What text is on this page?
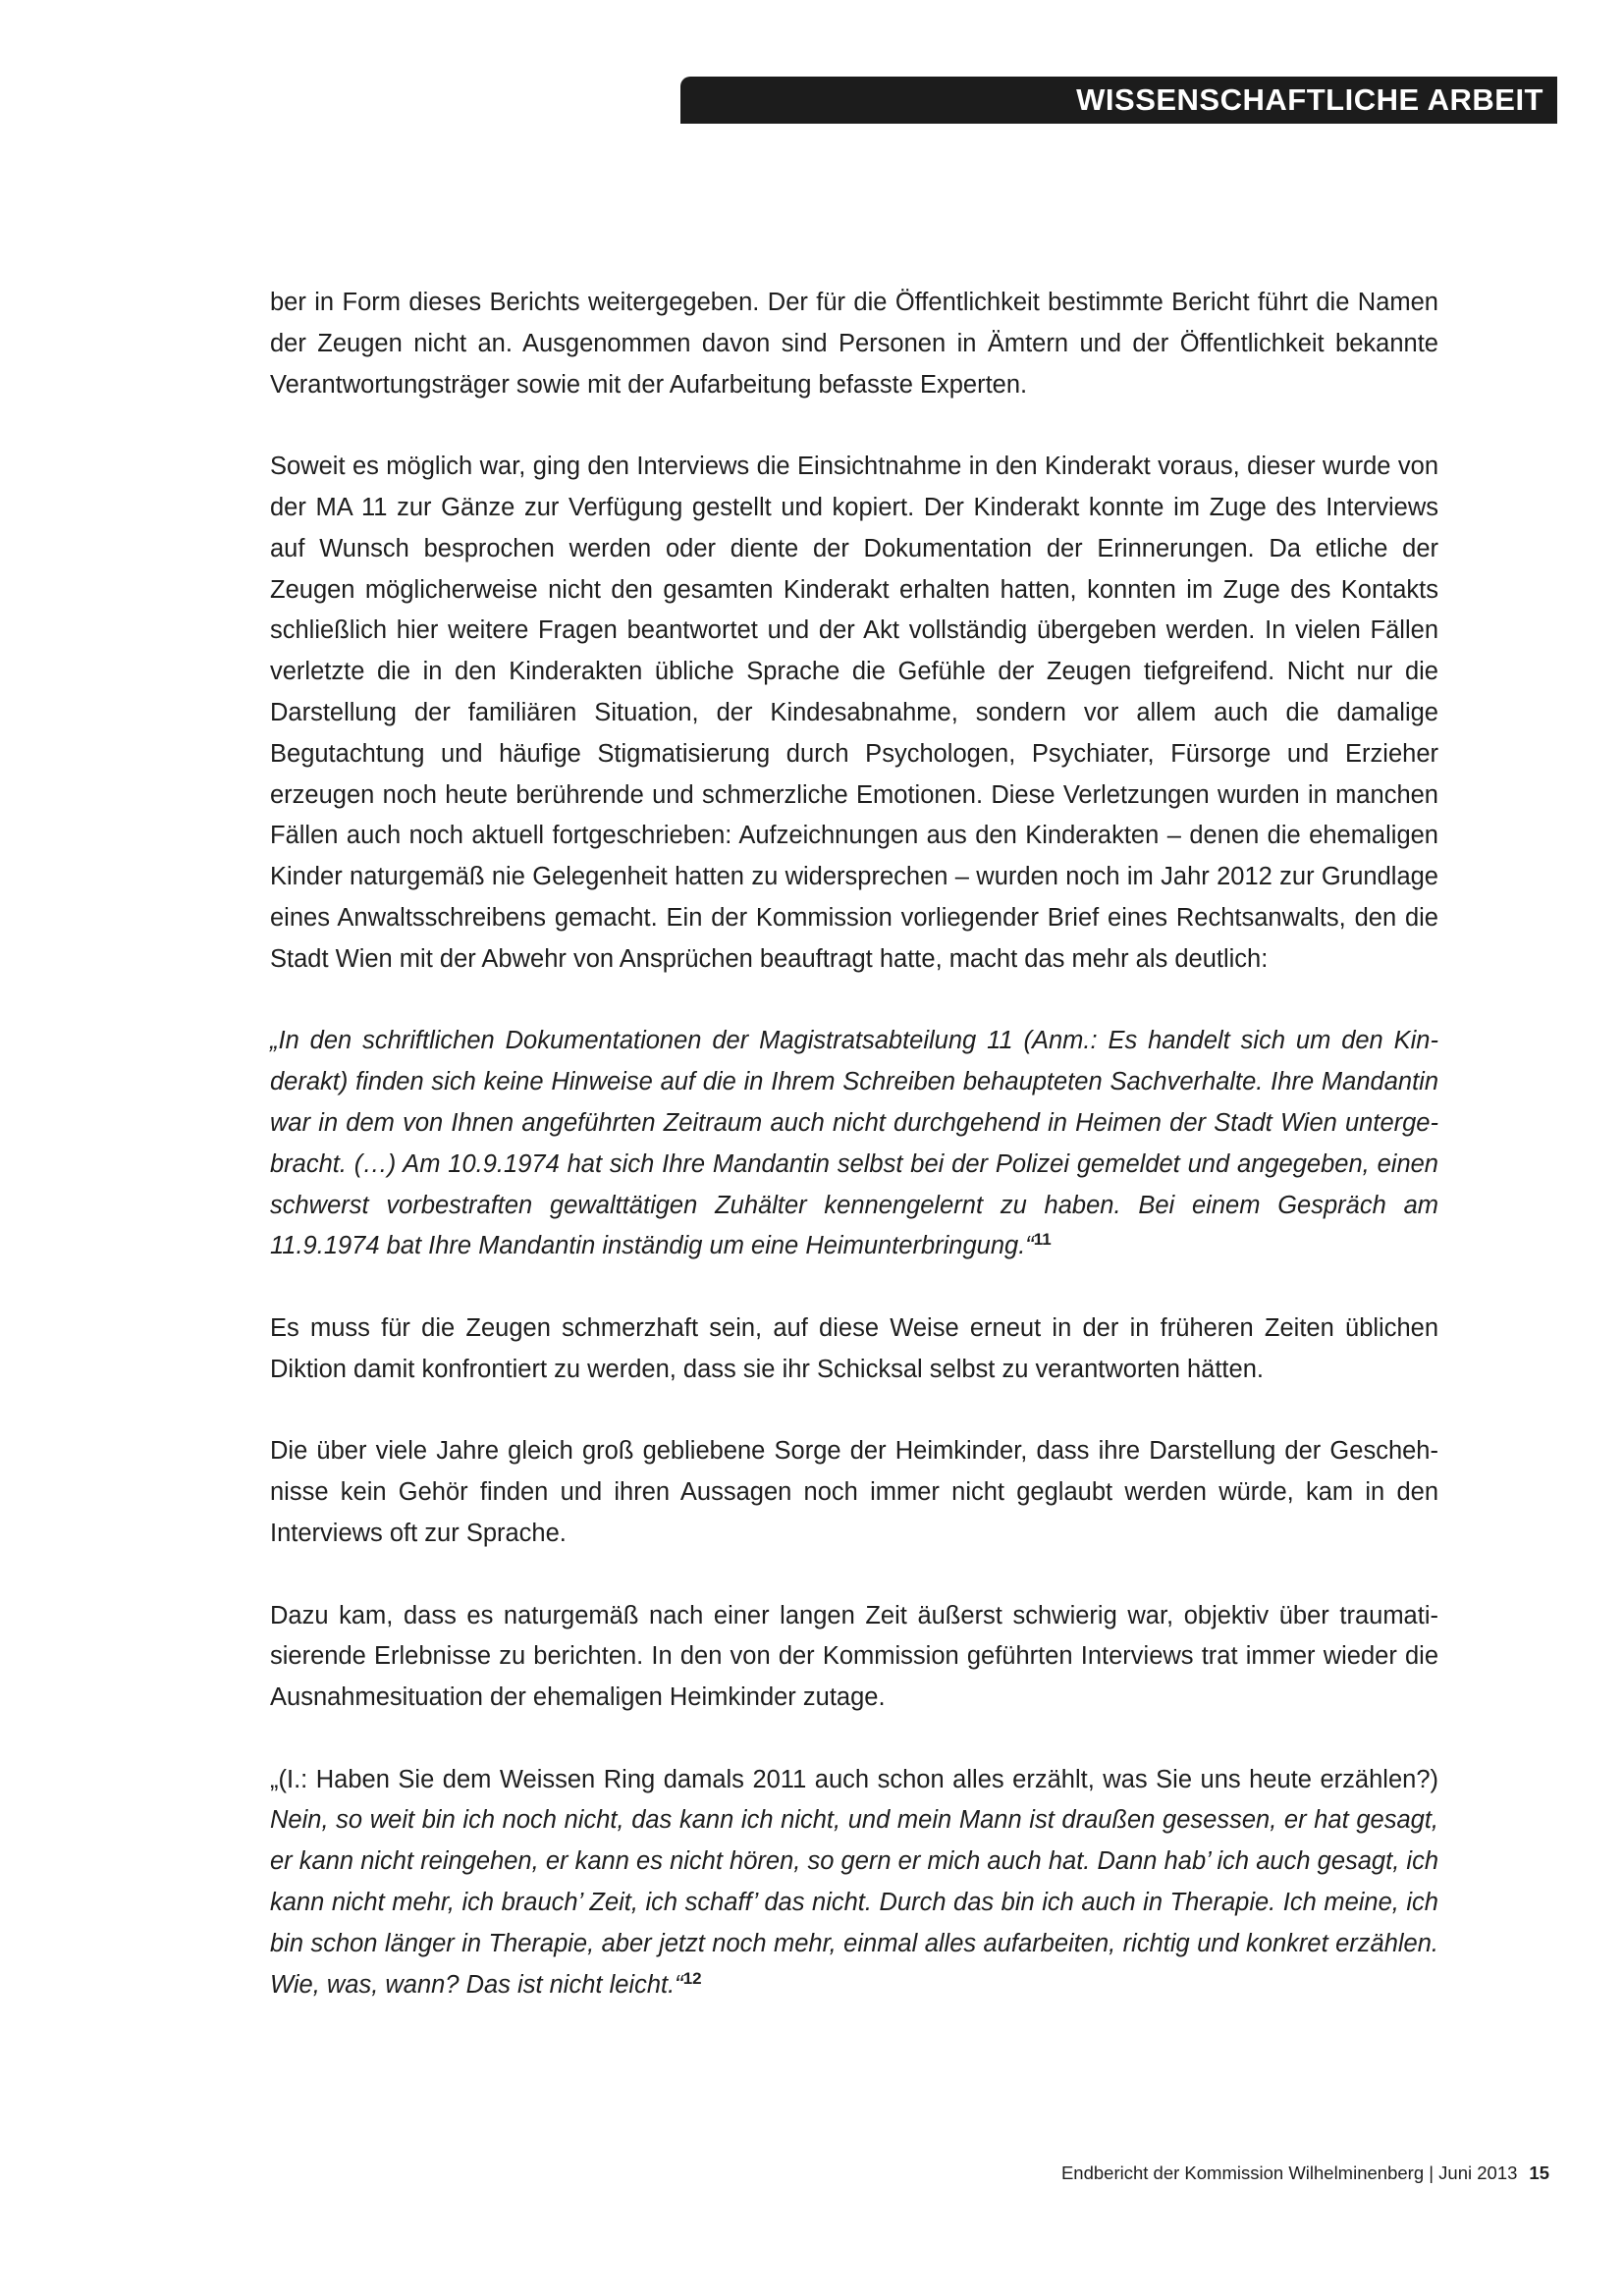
WISSENSCHAFTLICHE ARBEIT

ber in Form dieses Berichts weitergegeben. Der für die Öffentlichkeit bestimmte Bericht führt die Namen der Zeugen nicht an. Ausgenommen davon sind Personen in Ämtern und der Öffentlichkeit bekannte Verantwortungsträger sowie mit der Aufarbeitung befasste Experten.

Soweit es möglich war, ging den Interviews die Einsichtnahme in den Kinderakt voraus, dieser wurde von der MA 11 zur Gänze zur Verfügung gestellt und kopiert. Der Kinderakt konnte im Zuge des Interviews auf Wunsch besprochen werden oder diente der Dokumentation der Erinnerungen. Da etliche der Zeugen möglicherweise nicht den gesamten Kinderakt erhalten hatten, konnten im Zuge des Kontakts schließlich hier weitere Fragen beantwortet und der Akt vollständig übergeben werden. In vielen Fällen verletzte die in den Kinderakten übliche Sprache die Gefühle der Zeugen tiefgreifend. Nicht nur die Darstellung der familiären Situation, der Kindesabnahme, sondern vor allem auch die damalige Begutachtung und häufige Stigmatisierung durch Psychologen, Psychiater, Fürsorge und Erzieher erzeugen noch heute berührende und schmerzliche Emotionen. Diese Verletzungen wurden in manchen Fällen auch noch aktuell fortgeschrieben: Aufzeichnungen aus den Kinderakten – denen die ehemaligen Kinder naturgemäß nie Gelegenheit hatten zu widersprechen – wurden noch im Jahr 2012 zur Grundlage eines Anwaltsschreibens gemacht. Ein der Kommission vorliegender Brief eines Rechtsanwalts, den die Stadt Wien mit der Abwehr von Ansprüchen beauftragt hatte, macht das mehr als deutlich:

„In den schriftlichen Dokumentationen der Magistratsabteilung 11 (Anm.: Es handelt sich um den Kinderakt) finden sich keine Hinweise auf die in Ihrem Schreiben behaupteten Sachverhalte. Ihre Mandantin war in dem von Ihnen angeführten Zeitraum auch nicht durchgehend in Heimen der Stadt Wien untergebracht. (…) Am 10.9.1974 hat sich Ihre Mandantin selbst bei der Polizei gemeldet und angegeben, einen schwerst vorbestraften gewalttätigen Zuhälter kennengelernt zu haben. Bei einem Gespräch am 11.9.1974 bat Ihre Mandantin inständig um eine Heimunterbringung.“$^{11}$

Es muss für die Zeugen schmerzhaft sein, auf diese Weise erneut in der in früheren Zeiten üblichen Diktion damit konfrontiert zu werden, dass sie ihr Schicksal selbst zu verantworten hätten.

Die über viele Jahre gleich groß gebliebene Sorge der Heimkinder, dass ihre Darstellung der Geschehnisse kein Gehör finden und ihren Aussagen noch immer nicht geglaubt werden würde, kam in den Interviews oft zur Sprache.

Dazu kam, dass es naturgemäß nach einer langen Zeit äußerst schwierig war, objektiv über traumatisierende Erlebnisse zu berichten. In den von der Kommission geführten Interviews trat immer wieder die Ausnahmesituation der ehemaligen Heimkinder zutage.

„(I.: Haben Sie dem Weissen Ring damals 2011 auch schon alles erzählt, was Sie uns heute erzählen?) Nein, so weit bin ich noch nicht, das kann ich nicht, und mein Mann ist draußen gesessen, er hat gesagt, er kann nicht reingehen, er kann es nicht hören, so gern er mich auch hat. Dann hab’ ich auch gesagt, ich kann nicht mehr, ich brauch’ Zeit, ich schaff’ das nicht. Durch das bin ich auch in Therapie. Ich meine, ich bin schon länger in Therapie, aber jetzt noch mehr, einmal alles aufarbeiten, richtig und konkret erzählen. Wie, was, wann? Das ist nicht leicht.“$^{12}$

Endbericht der Kommission Wilhelminenberg | Juni 2013 15
